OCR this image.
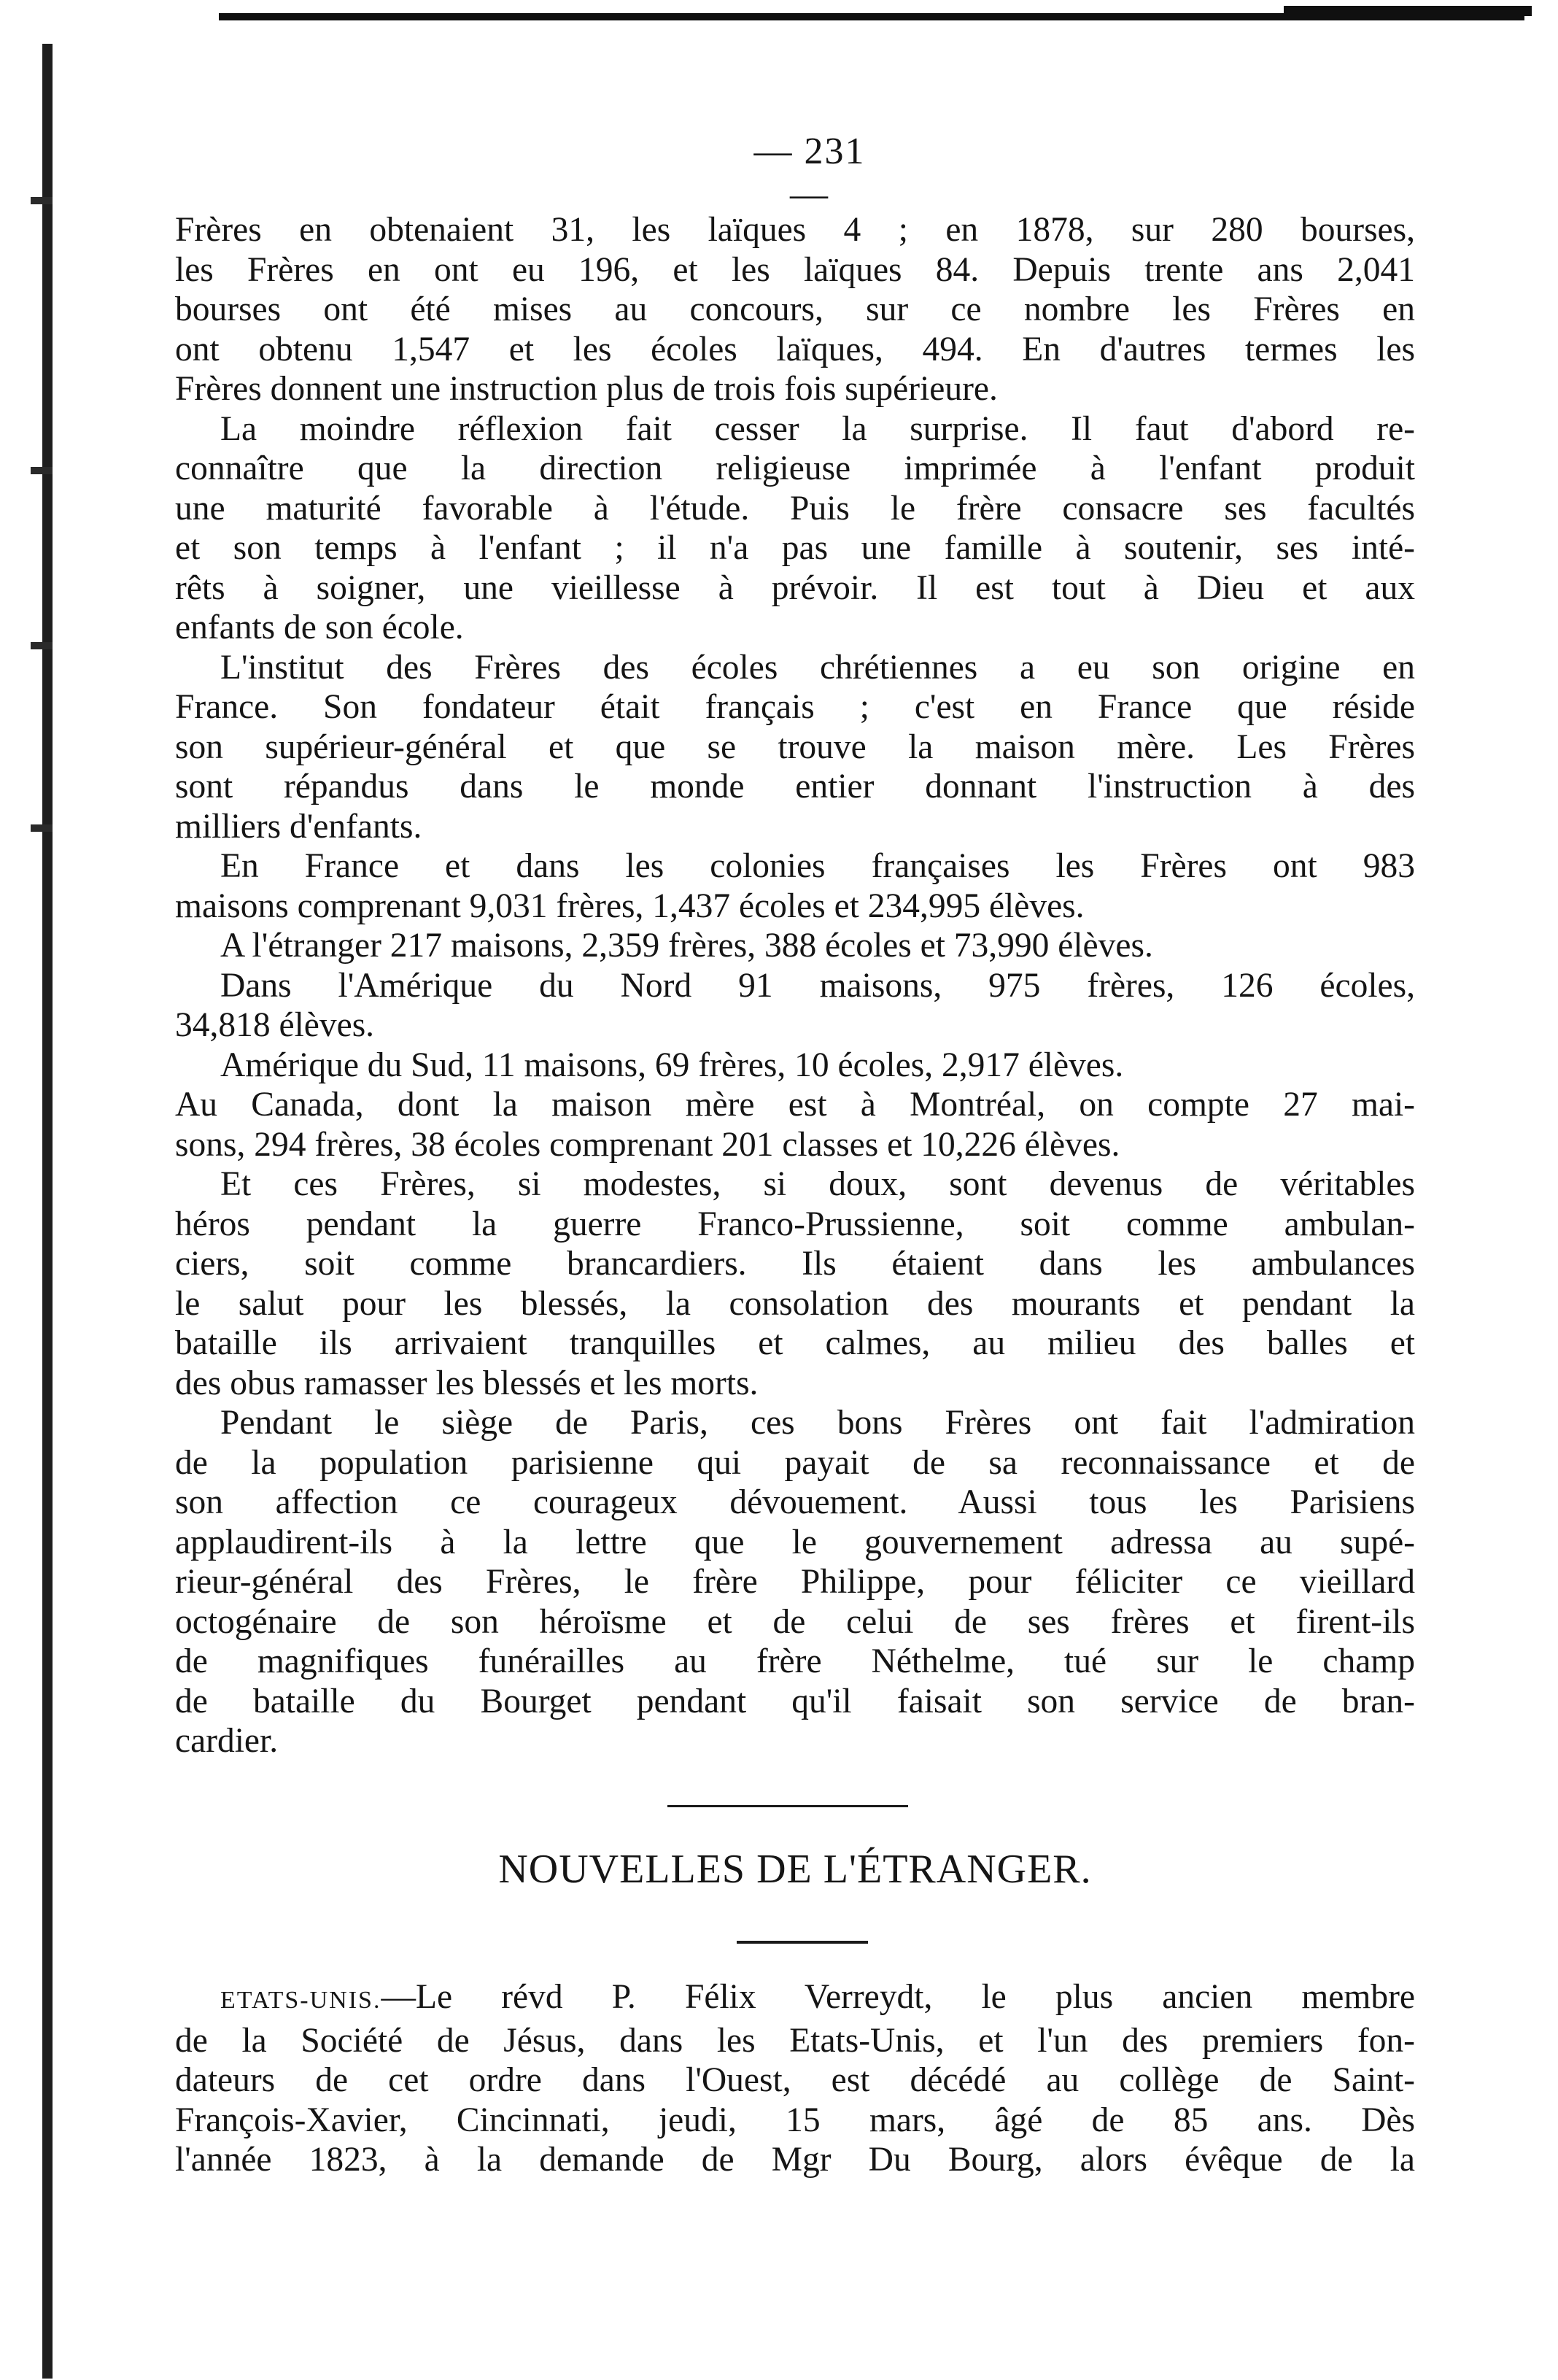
— 231 —
Frères en obtenaient 31, les laïques 4 ; en 1878, sur 280 bourses,
les Frères en ont eu 196, et les laïques 84. Depuis trente ans 2,041
bourses ont été mises au concours, sur ce nombre les Frères en
ont obtenu 1,547 et les écoles laïques, 494. En d'autres termes les
Frères donnent une instruction plus de trois fois supérieure.
La moindre réflexion fait cesser la surprise. Il faut d'abord re-
connaître que la direction religieuse imprimée à l'enfant produit
une maturité favorable à l'étude. Puis le frère consacre ses facultés
et son temps à l'enfant ; il n'a pas une famille à soutenir, ses inté-
rêts à soigner, une vieillesse à prévoir. Il est tout à Dieu et aux
enfants de son école.
L'institut des Frères des écoles chrétiennes a eu son origine en
France. Son fondateur était français ; c'est en France que réside
son supérieur-général et que se trouve la maison mère. Les Frères
sont répandus dans le monde entier donnant l'instruction à des
milliers d'enfants.
En France et dans les colonies françaises les Frères ont 983
maisons comprenant 9,031 frères, 1,437 écoles et 234,995 élèves.
A l'étranger 217 maisons, 2,359 frères, 388 écoles et 73,990 élèves.
Dans l'Amérique du Nord 91 maisons, 975 frères, 126 écoles,
34,818 élèves.
Amérique du Sud, 11 maisons, 69 frères, 10 écoles, 2,917 élèves.
Au Canada, dont la maison mère est à Montréal, on compte 27 mai-
sons, 294 frères, 38 écoles comprenant 201 classes et 10,226 élèves.
Et ces Frères, si modestes, si doux, sont devenus de véritables
héros pendant la guerre Franco-Prussienne, soit comme ambulan-
ciers, soit comme brancardiers. Ils étaient dans les ambulances
le salut pour les blessés, la consolation des mourants et pendant la
bataille ils arrivaient tranquilles et calmes, au milieu des balles et
des obus ramasser les blessés et les morts.
Pendant le siège de Paris, ces bons Frères ont fait l'admiration
de la population parisienne qui payait de sa reconnaissance et de
son affection ce courageux dévouement. Aussi tous les Parisiens
applaudirent-ils à la lettre que le gouvernement adressa au supé-
rieur-général des Frères, le frère Philippe, pour féliciter ce vieillard
octogénaire de son héroïsme et de celui de ses frères et firent-ils
de magnifiques funérailles au frère Néthelme, tué sur le champ
de bataille du Bourget pendant qu'il faisait son service de bran-
cardier.
NOUVELLES DE L'ÉTRANGER.
ETATS-UNIS.—Le révd P. Félix Verreydt, le plus ancien membre
de la Société de Jésus, dans les Etats-Unis, et l'un des premiers fon-
dateurs de cet ordre dans l'Ouest, est décédé au collège de Saint-
François-Xavier, Cincinnati, jeudi, 15 mars, âgé de 85 ans. Dès
l'année 1823, à la demande de Mgr Du Bourg, alors évêque de la
